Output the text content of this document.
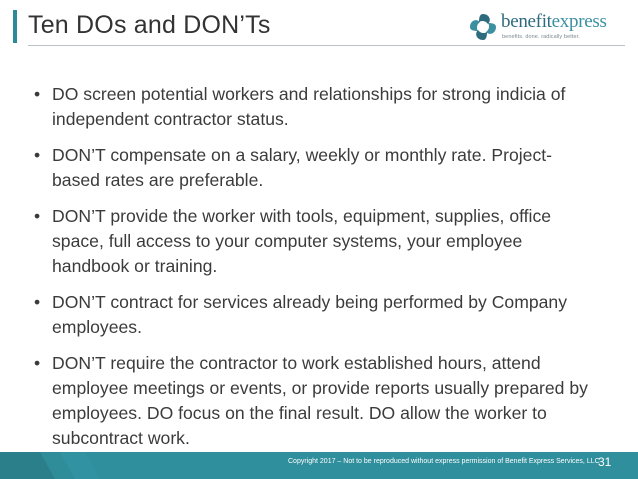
Ten DOs and DON’Ts	benefitexpress
benefits. done. radically better.
• DO screen potential workers and relationships for strong indicia of independent contractor status.
• DON’T compensate on a salary, weekly or monthly rate. Project-based rates are preferable.
• DON’T provide the worker with tools, equipment, supplies, office space, full access to your computer systems, your employee handbook or training.
• DON’T contract for services already being performed by Company employees.
• DON’T require the contractor to work established hours, attend employee meetings or events, or provide reports usually prepared by employees. DO focus on the final result. DO allow the worker to subcontract work.
Copyright 2017 – Not to be reproduced without express permission of Benefit Express Services, LLC
31
